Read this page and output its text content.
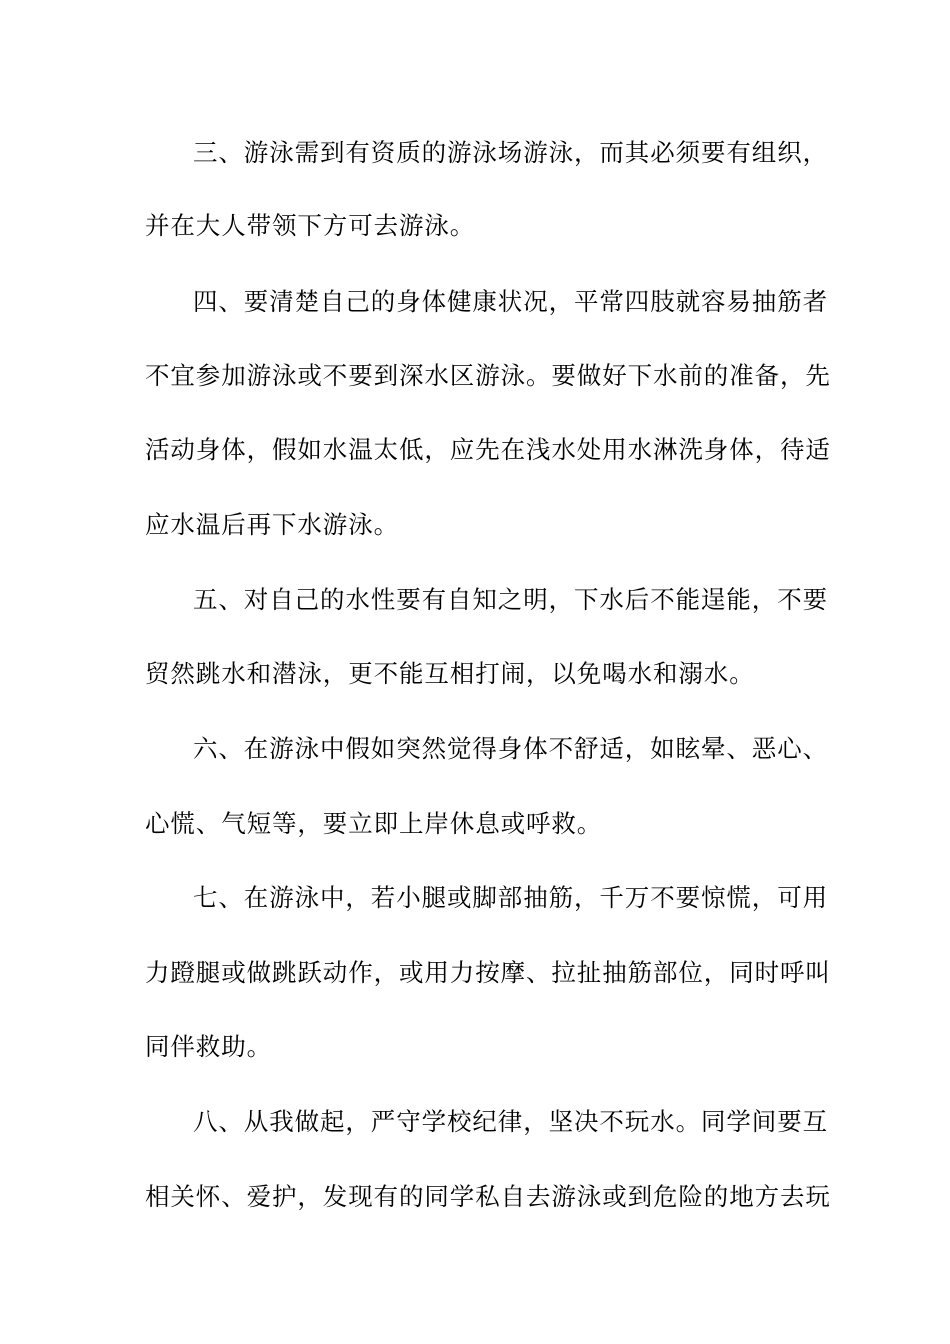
三、游泳需到有资质的游泳场游泳，而其必须要有组织，
并在大人带领下方可去游泳。
四、要清楚自己的身体健康状况，平常四肢就容易抽筋者
不宜参加游泳或不要到深水区游泳。要做好下水前的准备，先
活动身体，假如水温太低，应先在浅水处用水淋洗身体，待适
应水温后再下水游泳。
五、对自己的水性要有自知之明，下水后不能逞能，不要
贸然跳水和潜泳，更不能互相打闹，以免喝水和溺水。
六、在游泳中假如突然觉得身体不舒适，如眩晕、恶心、
心慌、气短等，要立即上岸休息或呼救。
七、在游泳中，若小腿或脚部抽筋，千万不要惊慌，可用
力蹬腿或做跳跃动作，或用力按摩、拉扯抽筋部位，同时呼叫
同伴救助。
八、从我做起，严守学校纪律，坚决不玩水。同学间要互
相关怀、爱护，发现有的同学私自去游泳或到危险的地方去玩
